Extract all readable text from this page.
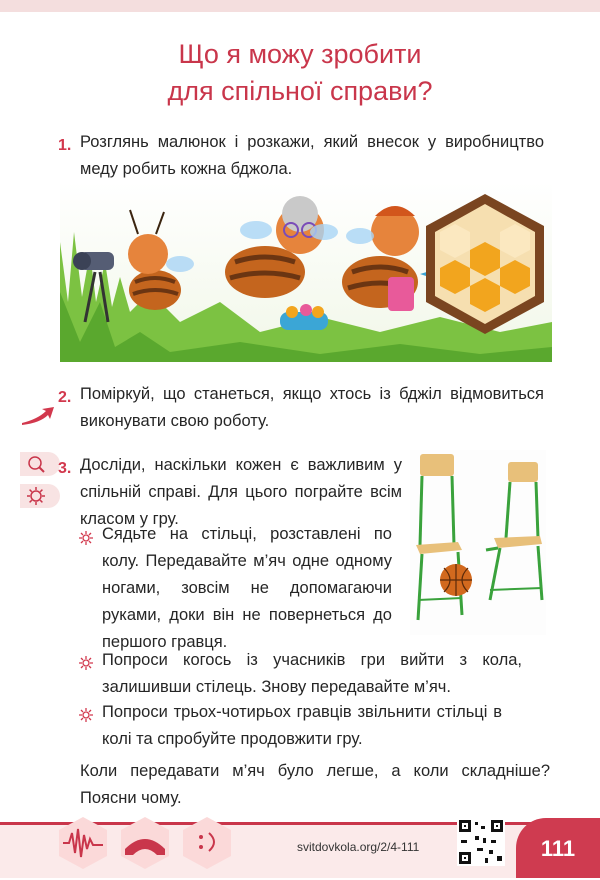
Що я можу зробити
для спільної справи?
1. Розглянь малюнок і розкажи, який внесок у виробництво меду робить кожна бджола.
2. Поміркуй, що станеться, якщо хтось із бджіл відмовиться виконувати свою роботу.
3. Досліди, наскільки кожен є важливим у спільній справі. Для цього пограйте всім класом у гру.
Сядьте на стільці, розставлені по колу. Передавайте м’яч одне одному ногами, зовсім не допомагаючи руками, доки він не повернеться до першого гравця.
Попроси когось із учасників гри вийти з кола, залишивши стілець. Знову передавайте м’яч.
Попроси трьох-чотирьох гравців звільнити стільці в колі та спробуйте продовжити гру.
Коли передавати м’яч було легше, а коли складніше? Поясни чому.
svitdovkola.org/2/4-111	111
